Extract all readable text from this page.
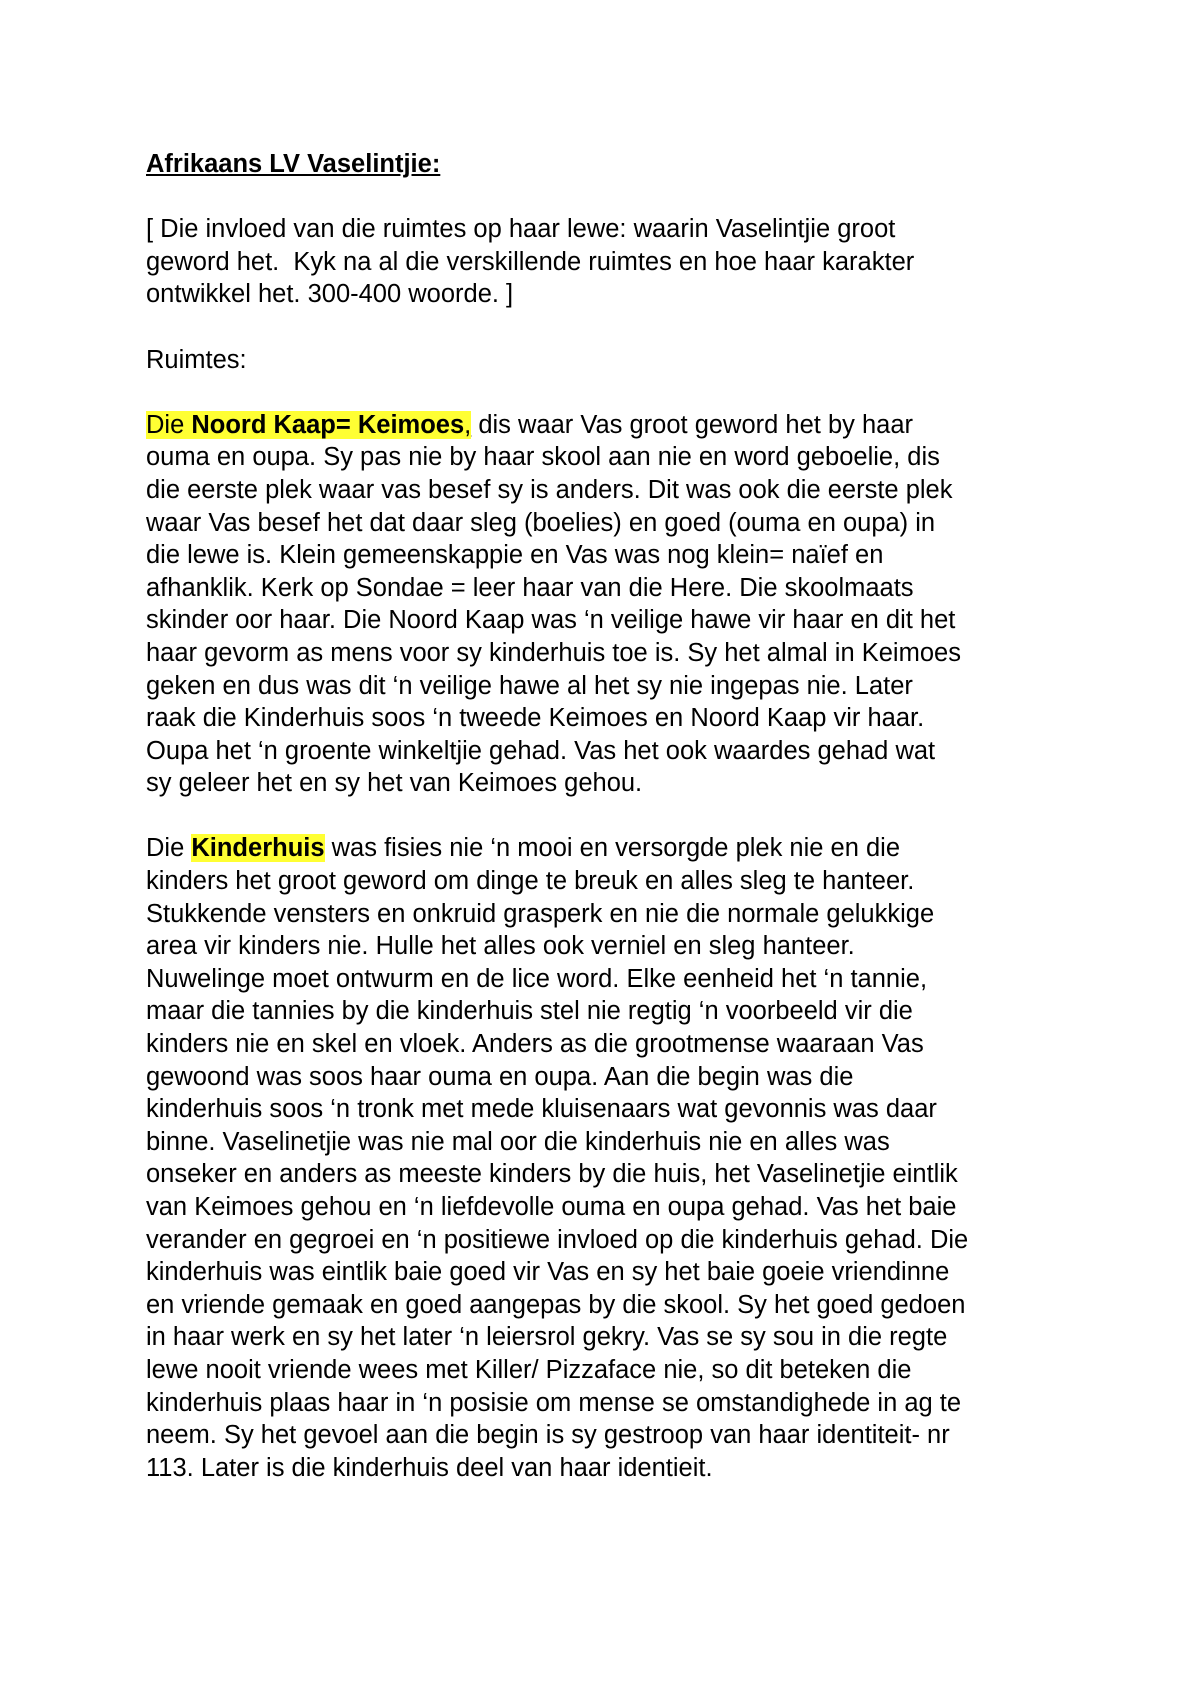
Afrikaans LV Vaselintjie:
[ Die invloed van die ruimtes op haar lewe: waarin Vaselintjie groot
geword het.  Kyk na al die verskillende ruimtes en hoe haar karakter
ontwikkel het. 300-400 woorde. ]
Ruimtes:
Die Noord Kaap= Keimoes, dis waar Vas groot geword het by haar
ouma en oupa. Sy pas nie by haar skool aan nie en word geboelie, dis
die eerste plek waar vas besef sy is anders. Dit was ook die eerste plek
waar Vas besef het dat daar sleg (boelies) en goed (ouma en oupa) in
die lewe is. Klein gemeenskappie en Vas was nog klein= naïef en
afhanklik. Kerk op Sondae = leer haar van die Here. Die skoolmaats
skinder oor haar. Die Noord Kaap was ‘n veilige hawe vir haar en dit het
haar gevorm as mens voor sy kinderhuis toe is. Sy het almal in Keimoes
geken en dus was dit ‘n veilige hawe al het sy nie ingepas nie. Later
raak die Kinderhuis soos ‘n tweede Keimoes en Noord Kaap vir haar.
Oupa het ‘n groente winkeltjie gehad. Vas het ook waardes gehad wat
sy geleer het en sy het van Keimoes gehou.
Die Kinderhuis was fisies nie ‘n mooi en versorgde plek nie en die
kinders het groot geword om dinge te breuk en alles sleg te hanteer.
Stukkende vensters en onkruid grasperk en nie die normale gelukkige
area vir kinders nie. Hulle het alles ook verniel en sleg hanteer.
Nuwelinge moet ontwurm en de lice word. Elke eenheid het ‘n tannie,
maar die tannies by die kinderhuis stel nie regtig ‘n voorbeeld vir die
kinders nie en skel en vloek. Anders as die grootmense waaraan Vas
gewoond was soos haar ouma en oupa. Aan die begin was die
kinderhuis soos ‘n tronk met mede kluisenaars wat gevonnis was daar
binne. Vaselinetjie was nie mal oor die kinderhuis nie en alles was
onseker en anders as meeste kinders by die huis, het Vaselinetjie eintlik
van Keimoes gehou en ‘n liefdevolle ouma en oupa gehad. Vas het baie
verander en gegroei en ‘n positiewe invloed op die kinderhuis gehad. Die
kinderhuis was eintlik baie goed vir Vas en sy het baie goeie vriendinne
en vriende gemaak en goed aangepas by die skool. Sy het goed gedoen
in haar werk en sy het later ‘n leiersrol gekry. Vas se sy sou in die regte
lewe nooit vriende wees met Killer/ Pizzaface nie, so dit beteken die
kinderhuis plaas haar in ‘n posisie om mense se omstandighede in ag te
neem. Sy het gevoel aan die begin is sy gestroop van haar identiteit- nr
113. Later is die kinderhuis deel van haar identieit.
